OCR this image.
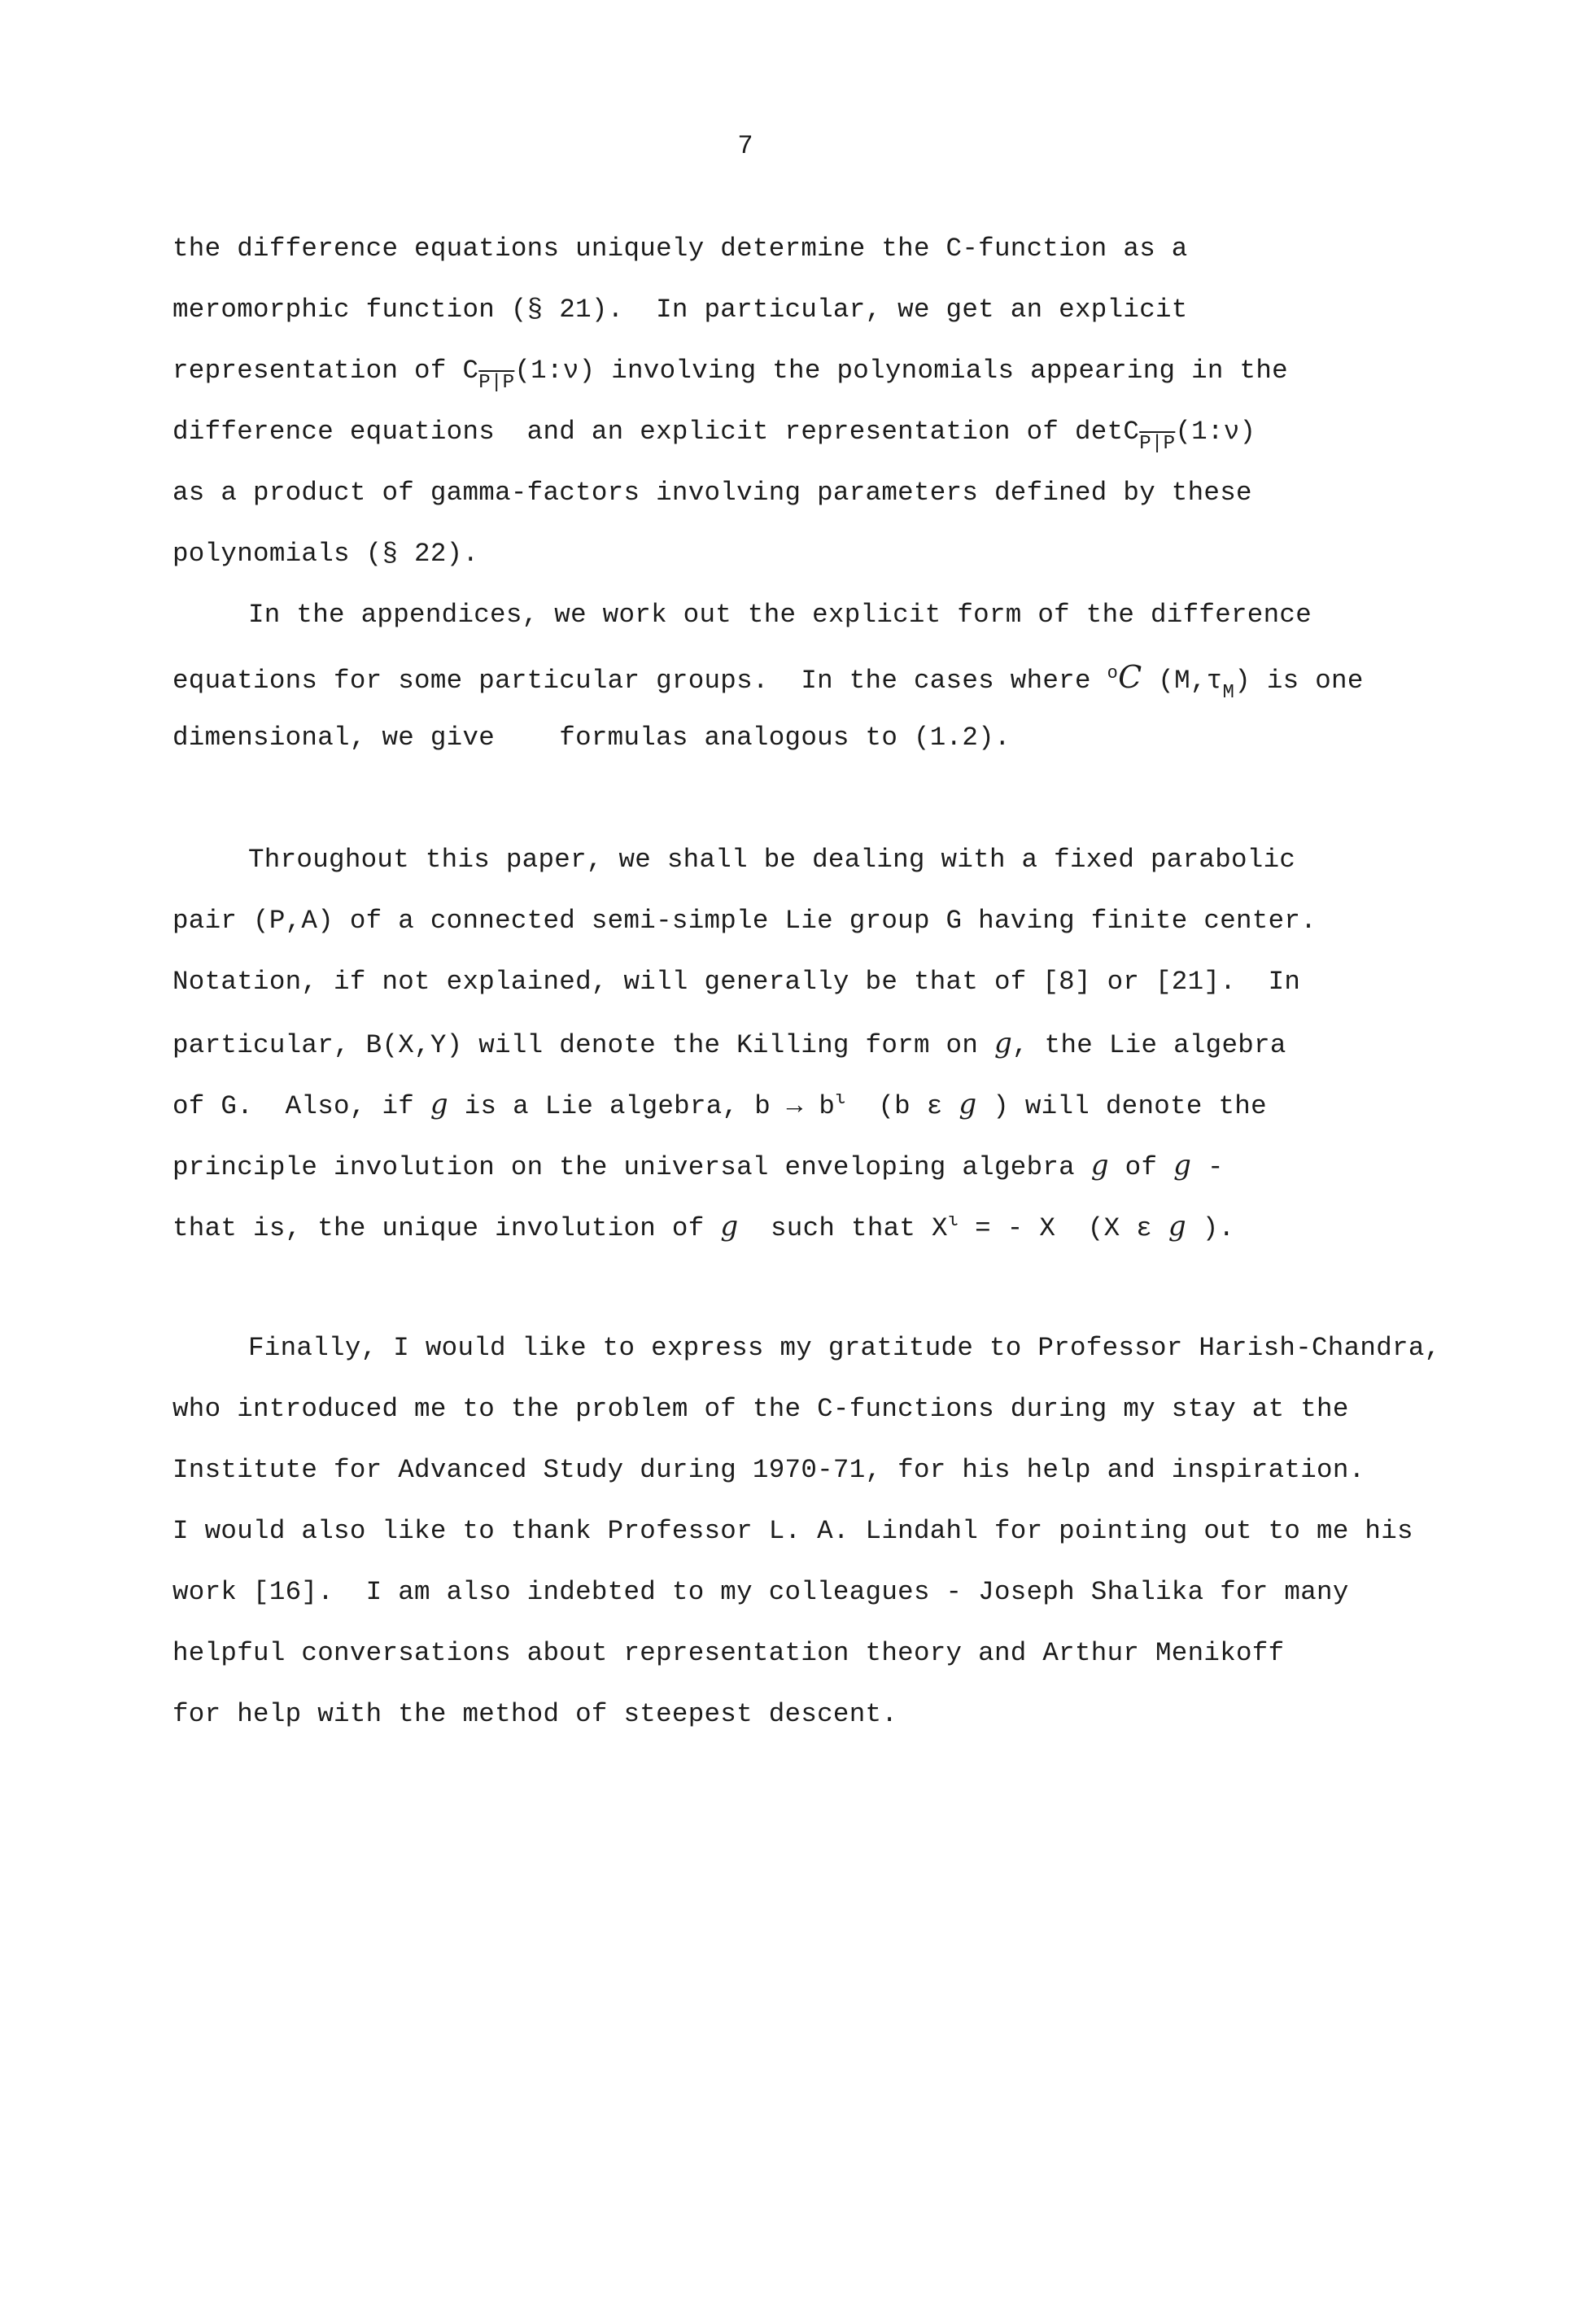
7
the difference equations uniquely determine the C-function as a
meromorphic function (§ 21).  In particular, we get an explicit
representation of $C_{P|P}(1:\nu)$ involving the polynomials appearing in the
difference equations  and an explicit representation of detC$_{P|P}$(1:ν)
as a product of gamma-factors involving parameters defined by these
polynomials (§ 22).
In the appendices, we work out the explicit form of the difference
equations for some particular groups.  In the cases where $^o$C $(M,\tau_M)$ is one
dimensional, we give    formulas analogous to (1.2).
Throughout this paper, we shall be dealing with a fixed parabolic
pair (P,A) of a connected semi-simple Lie group G having finite center.
Notation, if not explained, will generally be that of [8] or [21].  In
particular, B(X,Y) will denote the Killing form on g, the Lie algebra
of G.  Also, if g is a Lie algebra, $b \to b^\iota$  (b ε g ) will denote the
principle involution on the universal enveloping algebra g of g -
that is, the unique involution of g  such that $X^\iota$ = - X  (X ε g ).
Finally, I would like to express my gratitude to Professor Harish-Chandra,
who introduced me to the problem of the C-functions during my stay at the
Institute for Advanced Study during 1970-71, for his help and inspiration.
I would also like to thank Professor L. A. Lindahl for pointing out to me his
work [16].  I am also indebted to my colleagues - Joseph Shalika for many
helpful conversations about representation theory and Arthur Menikoff
for help with the method of steepest descent.
